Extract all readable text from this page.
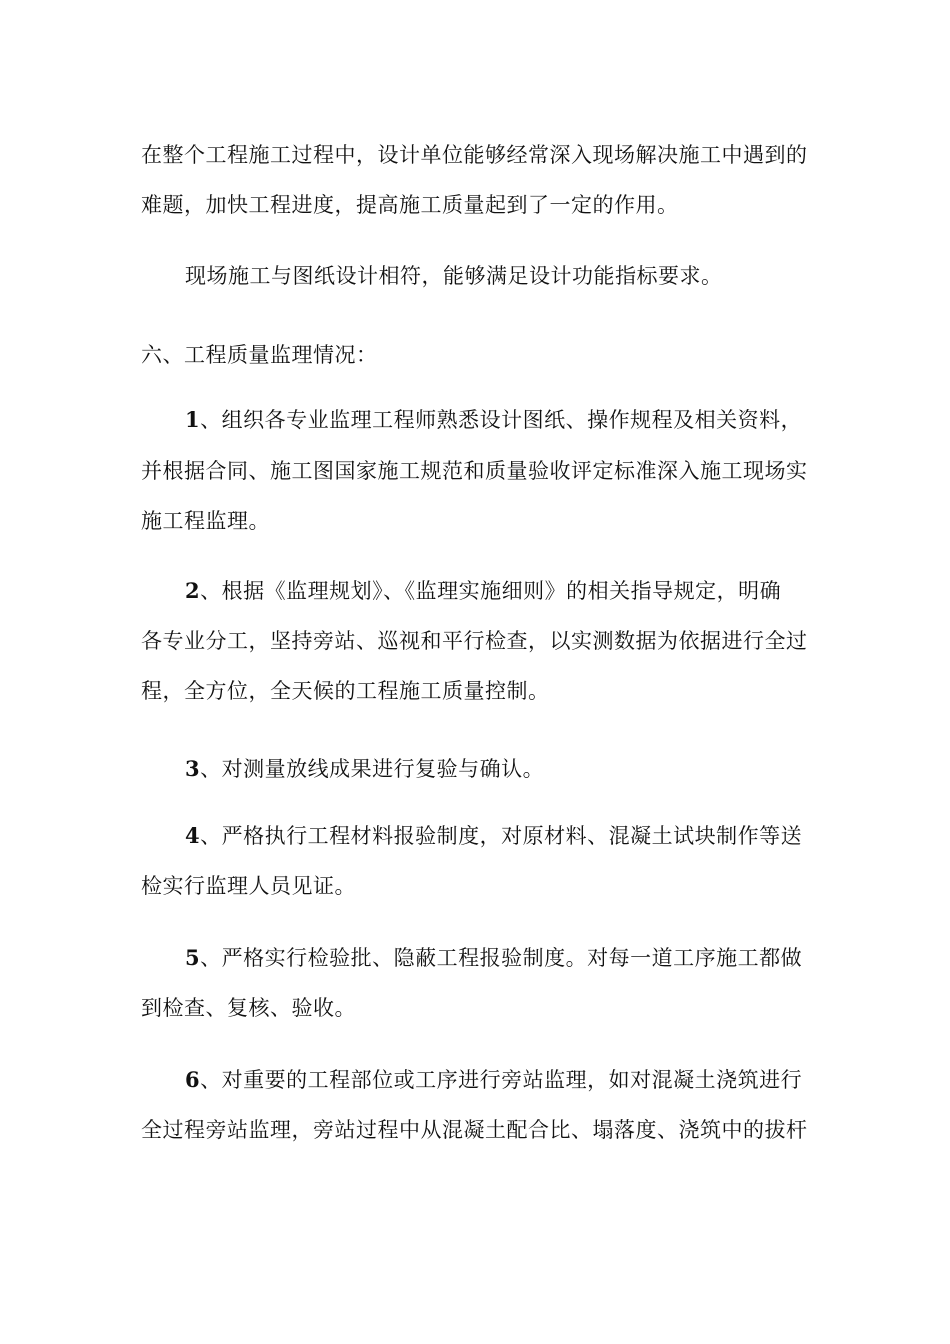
在整个工程施工过程中，设计单位能够经常深入现场解决施工中遇到的
难题，加快工程进度，提高施工质量起到了一定的作用。
现场施工与图纸设计相符，能够满足设计功能指标要求。
六、工程质量监理情况：
1、组织各专业监理工程师熟悉设计图纸、操作规程及相关资料，
并根据合同、施工图国家施工规范和质量验收评定标准深入施工现场实
施工程监理。
2、根据《监理规划》、《监理实施细则》的相关指导规定，明确
各专业分工，坚持旁站、巡视和平行检查，以实测数据为依据进行全过
程，全方位，全天候的工程施工质量控制。
3、对测量放线成果进行复验与确认。
4、严格执行工程材料报验制度，对原材料、混凝土试块制作等送
检实行监理人员见证。
5、严格实行检验批、隐蔽工程报验制度。对每一道工序施工都做
到检查、复核、验收。
6、对重要的工程部位或工序进行旁站监理，如对混凝土浇筑进行
全过程旁站监理，旁站过程中从混凝土配合比、塌落度、浇筑中的拔杆
